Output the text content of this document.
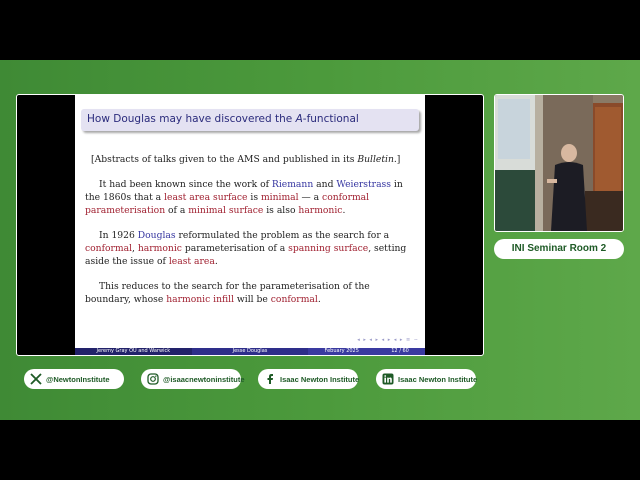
How Douglas may have discovered the A-functional

[Abstracts of talks given to the AMS and published in its Bulletin.]

It had been known since the work of Riemann and Weierstrass in the 1860s that a least area surface is minimal — a conformal parameterisation of a minimal surface is also harmonic.

In 1926 Douglas reformulated the problem as the search for a conformal, harmonic parameterisation of a spanning surface, setting aside the issue of least area.

This reduces to the search for the parameterisation of the boundary, whose harmonic infill will be conformal.

◂ ▸ ◂ ▸ ◂ ▸ ◂ ▸ ≡ ∽
Jeremy Gray OU and Warwick	Jesse Douglas	Febuary 2025	12 / 60
INI Seminar Room 2
@NewtonInstitute	@isaacnewtoninstitute	Isaac Newton Institute	Isaac Newton Institute
